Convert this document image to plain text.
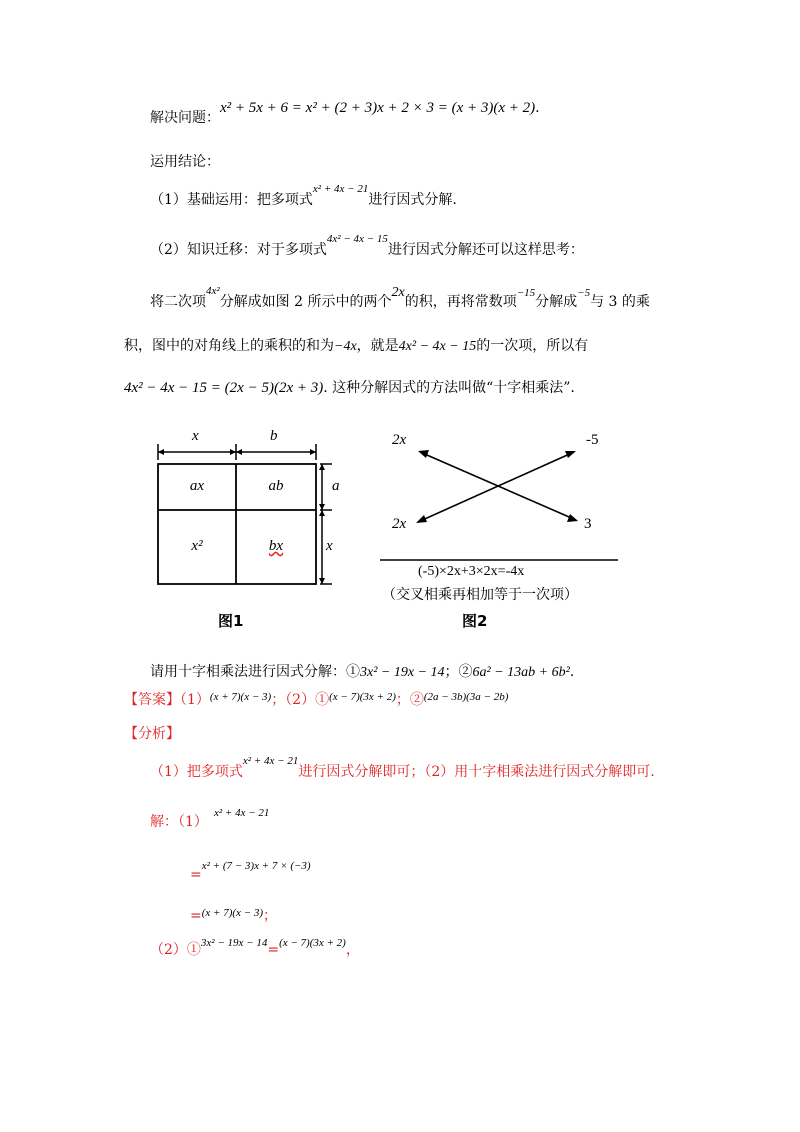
解决问题：
x² + 5x + 6 = x² + (2 + 3)x + 2 × 3 = (x + 3)(x + 2).
运用结论：
（1）基础运用：把多项式$^{x^2 + 4x - 21}$进行因式分解.
（2）知识迁移：对于多项式$^{4x^2 - 4x - 15}$进行因式分解还可以这样思考：
将二次项$^{4x^2}$分解成如图 2 所示中的两个2x的积，再将常数项$^{-15}$分解成$^{-5}$与 3 的乘
积，图中的对角线上的乘积的和为−4x，就是4x² − 4x − 15的一次项，所以有
4x² − 4x − 15 = (2x − 5)(2x + 3). 这种分解因式的方法叫做“十字相乘法”.
x	b
a
x
ax	ab
x²	bx
图1
2x	-5
2x	3
(-5)×2x+3×2x=-4x
（交叉相乘再相加等于一次项）
图2
请用十字相乘法进行因式分解：①3x² − 19x − 14；②6a² − 13ab + 6b².
【答案】$(1)^{(x + 7)(x - 3)}$；（2）①$^{(x - 7)(3x + 2)}$；②$^{(2a - 3b)(3a - 2b)}$
【分析】
（1）把多项式$^{x^2 + 4x - 21}$进行因式分解即可；（2）用十字相乘法进行因式分解即可.
解：（1）
x² + 4x − 21
=x² + (7 − 3)x + 7 × (−3)
=(x + 7)(x − 3)；
（2）①$^{3x^2 - 19x - 14}$=$^{(x - 7)(3x + 2)}$，
